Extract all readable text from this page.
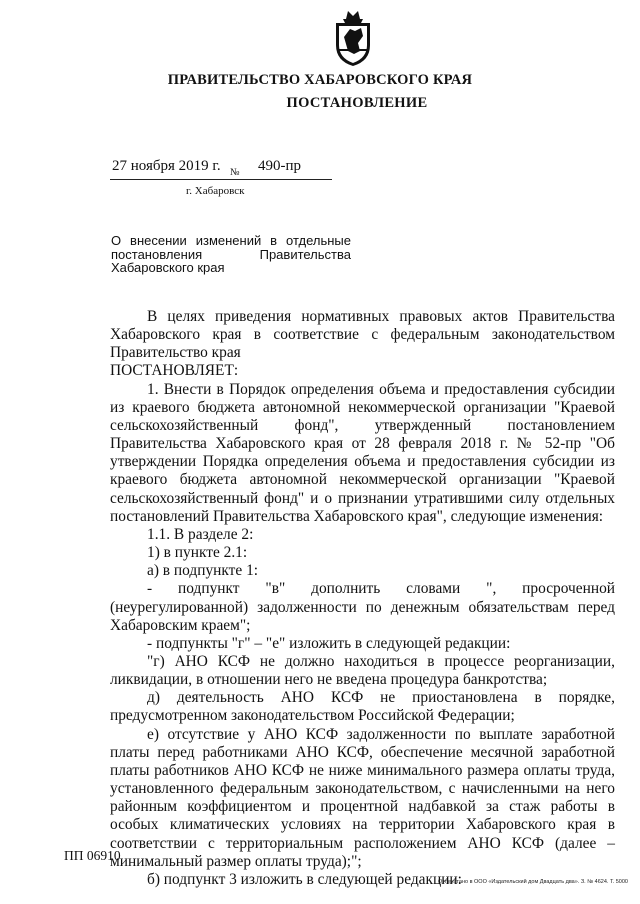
ПРАВИТЕЛЬСТВО ХАБАРОВСКОГО КРАЯ
ПОСТАНОВЛЕНИЕ
27 ноября 2019 г. № 490-пр
г. Хабаровск
О внесении изменений в отдельные постановления Правительства Хабаровского края

В целях приведения нормативных правовых актов Правительства Хабаровского края в соответствие с федеральным законодательством Правительство края

ПОСТАНОВЛЯЕТ:

1. Внести в Порядок определения объема и предоставления субсидии из краевого бюджета автономной некоммерческой организации "Краевой сельскохозяйственный фонд", утвержденный постановлением Правительства Хабаровского края от 28 февраля 2018 г. № 52-пр "Об утверждении Порядка определения объема и предоставления субсидии из краевого бюджета автономной некоммерческой организации "Краевой сельскохозяйственный фонд" и о признании утратившими силу отдельных постановлений Правительства Хабаровского края", следующие изменения:

1.1. В разделе 2:

1) в пункте 2.1:

а) в подпункте 1:

- подпункт "в" дополнить словами ", просроченной (неурегулированной) задолженности по денежным обязательствам перед Хабаровским краем";

- подпункты "г" – "е" изложить в следующей редакции:

"г) АНО КСФ не должно находиться в процессе реорганизации, ликвидации, в отношении него не введена процедура банкротства;

д) деятельность АНО КСФ не приостановлена в порядке, предусмотренном законодательством Российской Федерации;

е) отсутствие у АНО КСФ задолженности по выплате заработной платы перед работниками АНО КСФ, обеспечение месячной заработной платы работников АНО КСФ не ниже минимального размера оплаты труда, установленного федеральным законодательством, с начисленными на него районным коэффициентом и процентной надбавкой за стаж работы в особых климатических условиях на территории Хабаровского края в соответствии с территориальным расположением АНО КСФ (далее – минимальный размер оплаты труда);";

б) подпункт 3 изложить в следующей редакции:

ПП 06910
Отпечатано в ООО «Издательский дом Двадцать два». З. № 4624. Т. 5000
